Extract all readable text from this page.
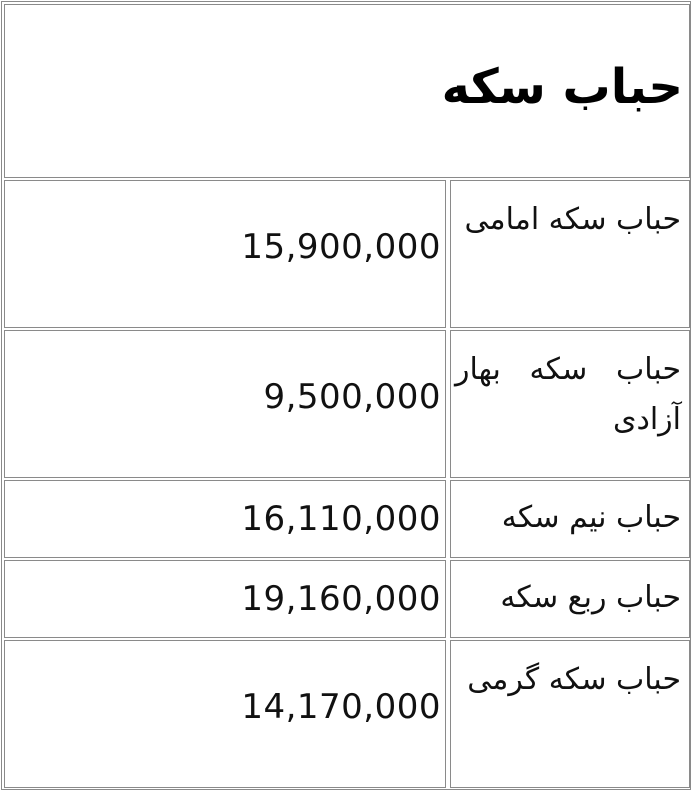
حباب سکه
حباب سکه امامی
15,900,000
حباب سکه بهار آزادی
9,500,000
حباب نیم سکه
16,110,000
حباب ربع سکه
19,160,000
حباب سکه گرمی
14,170,000
